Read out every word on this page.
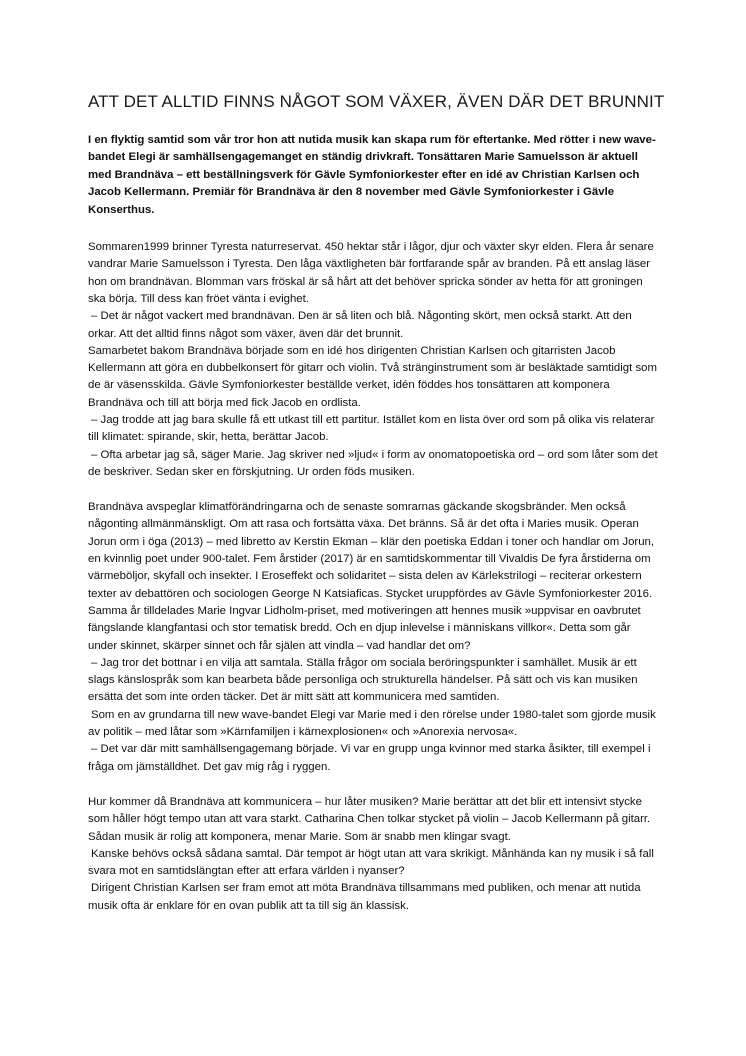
ATT DET ALLTID FINNS NÅGOT SOM VÄXER, ÄVEN DÄR DET BRUNNIT

I en flyktig samtid som vår tror hon att nutida musik kan skapa rum för eftertanke. Med rötter i new wave-bandet Elegi är samhällsengagemanget en ständig drivkraft. Tonsättaren Marie Samuelsson är aktuell med Brandnäva – ett beställningsverk för Gävle Symfoniorkester efter en idé av Christian Karlsen och Jacob Kellermann. Premiär för Brandnäva är den 8 november med Gävle Symfoniorkester i Gävle Konserthus.

Sommaren1999 brinner Tyresta naturreservat. 450 hektar står i lågor, djur och växter skyr elden. Flera år senare vandrar Marie Samuelsson i Tyresta. Den låga växtligheten bär fortfarande spår av branden. På ett anslag läser hon om brandnävan. Blomman vars fröskal är så hårt att det behöver spricka sönder av hetta för att groningen ska börja. Till dess kan fröet vänta i evighet.

– Det är något vackert med brandnävan. Den är så liten och blå. Någonting skört, men också starkt. Att den orkar. Att det alltid finns något som växer, även där det brunnit.

Samarbetet bakom Brandnäva började som en idé hos dirigenten Christian Karlsen och gitarristen Jacob Kellermann att göra en dubbelkonsert för gitarr och violin. Två stränginstrument som är besläktade samtidigt som de är väsensskilda. Gävle Symfoniorkester beställde verket, idén föddes hos tonsättaren att komponera Brandnäva och till att börja med fick Jacob en ordlista.

– Jag trodde att jag bara skulle få ett utkast till ett partitur. Istället kom en lista över ord som på olika vis relaterar till klimatet: spirande, skir, hetta, berättar Jacob.

– Ofta arbetar jag så, säger Marie. Jag skriver ned »ljud« i form av onomatopoetiska ord – ord som låter som det de beskriver. Sedan sker en förskjutning. Ur orden föds musiken.

Brandnäva avspeglar klimatförändringarna och de senaste somrarnas gäckande skogsbränder. Men också någonting allmänmänskligt. Om att rasa och fortsätta växa. Det bränns. Så är det ofta i Maries musik. Operan Jorun orm i öga (2013) – med libretto av Kerstin Ekman – klär den poetiska Eddan i toner och handlar om Jorun, en kvinnlig poet under 900-talet. Fem årstider (2017) är en samtidskommentar till Vivaldis De fyra årstiderna om värmeböljor, skyfall och insekter. I Eroseffekt och solidaritet – sista delen av Kärlekstrilogi – reciterar orkestern texter av debattören och sociologen George N Katsiaficas. Stycket uruppfördes av Gävle Symfoniorkester 2016. Samma år tilldelades Marie Ingvar Lidholm-priset, med motiveringen att hennes musik »uppvisar en oavbrutet fängslande klangfantasi och stor tematisk bredd. Och en djup inlevelse i människans villkor«. Detta som går under skinnet, skärper sinnet och får själen att vindla – vad handlar det om?

– Jag tror det bottnar i en vilja att samtala. Ställa frågor om sociala beröringspunkter i samhället. Musik är ett slags känslospråk som kan bearbeta både personliga och strukturella händelser. På sätt och vis kan musiken ersätta det som inte orden täcker. Det är mitt sätt att kommunicera med samtiden.

Som en av grundarna till new wave-bandet Elegi var Marie med i den rörelse under 1980-talet som gjorde musik av politik – med låtar som »Kärnfamiljen i kärnexplosionen« och »Anorexia nervosa«.

– Det var där mitt samhällsengagemang började. Vi var en grupp unga kvinnor med starka åsikter, till exempel i fråga om jämställdhet. Det gav mig råg i ryggen.

Hur kommer då Brandnäva att kommunicera – hur låter musiken? Marie berättar att det blir ett intensivt stycke som håller högt tempo utan att vara starkt. Catharina Chen tolkar stycket på violin – Jacob Kellermann på gitarr. Sådan musik är rolig att komponera, menar Marie. Som är snabb men klingar svagt.

Kanske behövs också sådana samtal. Där tempot är högt utan att vara skrikigt. Månhända kan ny musik i så fall svara mot en samtidslängtan efter att erfara världen i nyanser?

Dirigent Christian Karlsen ser fram emot att möta Brandnäva tillsammans med publiken, och menar att nutida musik ofta är enklare för en ovan publik att ta till sig än klassisk.
